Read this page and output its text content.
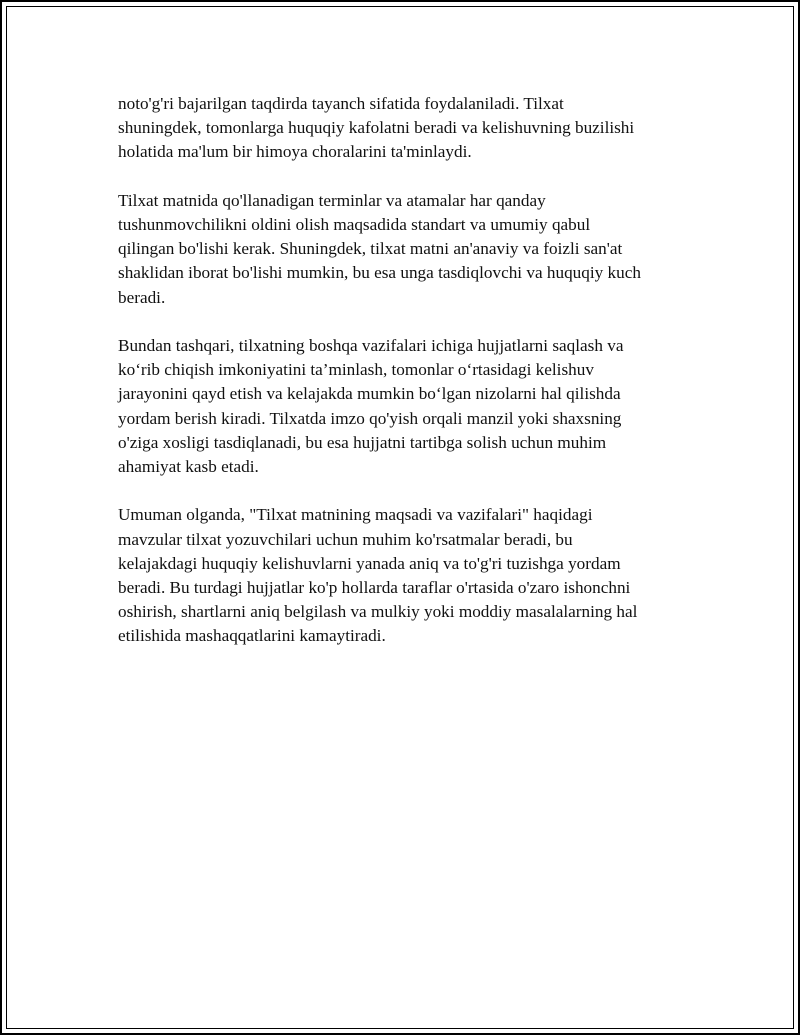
noto'g'ri bajarilgan taqdirda tayanch sifatida foydalaniladi. Tilxat
shuningdek, tomonlarga huquqiy kafolatni beradi va kelishuvning buzilishi
holatida ma'lum bir himoya choralarini ta'minlaydi.

Tilxat matnida qo'llanadigan terminlar va atamalar har qanday
tushunmovchilikni oldini olish maqsadida standart va umumiy qabul
qilingan bo'lishi kerak. Shuningdek, tilxat matni an'anaviy va foizli san'at
shaklidan iborat bo'lishi mumkin, bu esa unga tasdiqlovchi va huquqiy kuch
beradi.

Bundan tashqari, tilxatning boshqa vazifalari ichiga hujjatlarni saqlash va
ko‘rib chiqish imkoniyatini ta’minlash, tomonlar o‘rtasidagi kelishuv
jarayonini qayd etish va kelajakda mumkin bo‘lgan nizolarni hal qilishda
yordam berish kiradi. Tilxatda imzo qo'yish orqali manzil yoki shaxsning
o'ziga xosligi tasdiqlanadi, bu esa hujjatni tartibga solish uchun muhim
ahamiyat kasb etadi.

Umuman olganda, "Tilxat matnining maqsadi va vazifalari" haqidagi
mavzular tilxat yozuvchilari uchun muhim ko'rsatmalar beradi, bu
kelajakdagi huquqiy kelishuvlarni yanada aniq va to'g'ri tuzishga yordam
beradi. Bu turdagi hujjatlar ko'p hollarda taraflar o'rtasida o'zaro ishonchni
oshirish, shartlarni aniq belgilash va mulkiy yoki moddiy masalalarning hal
etilishida mashaqqatlarini kamaytiradi.
